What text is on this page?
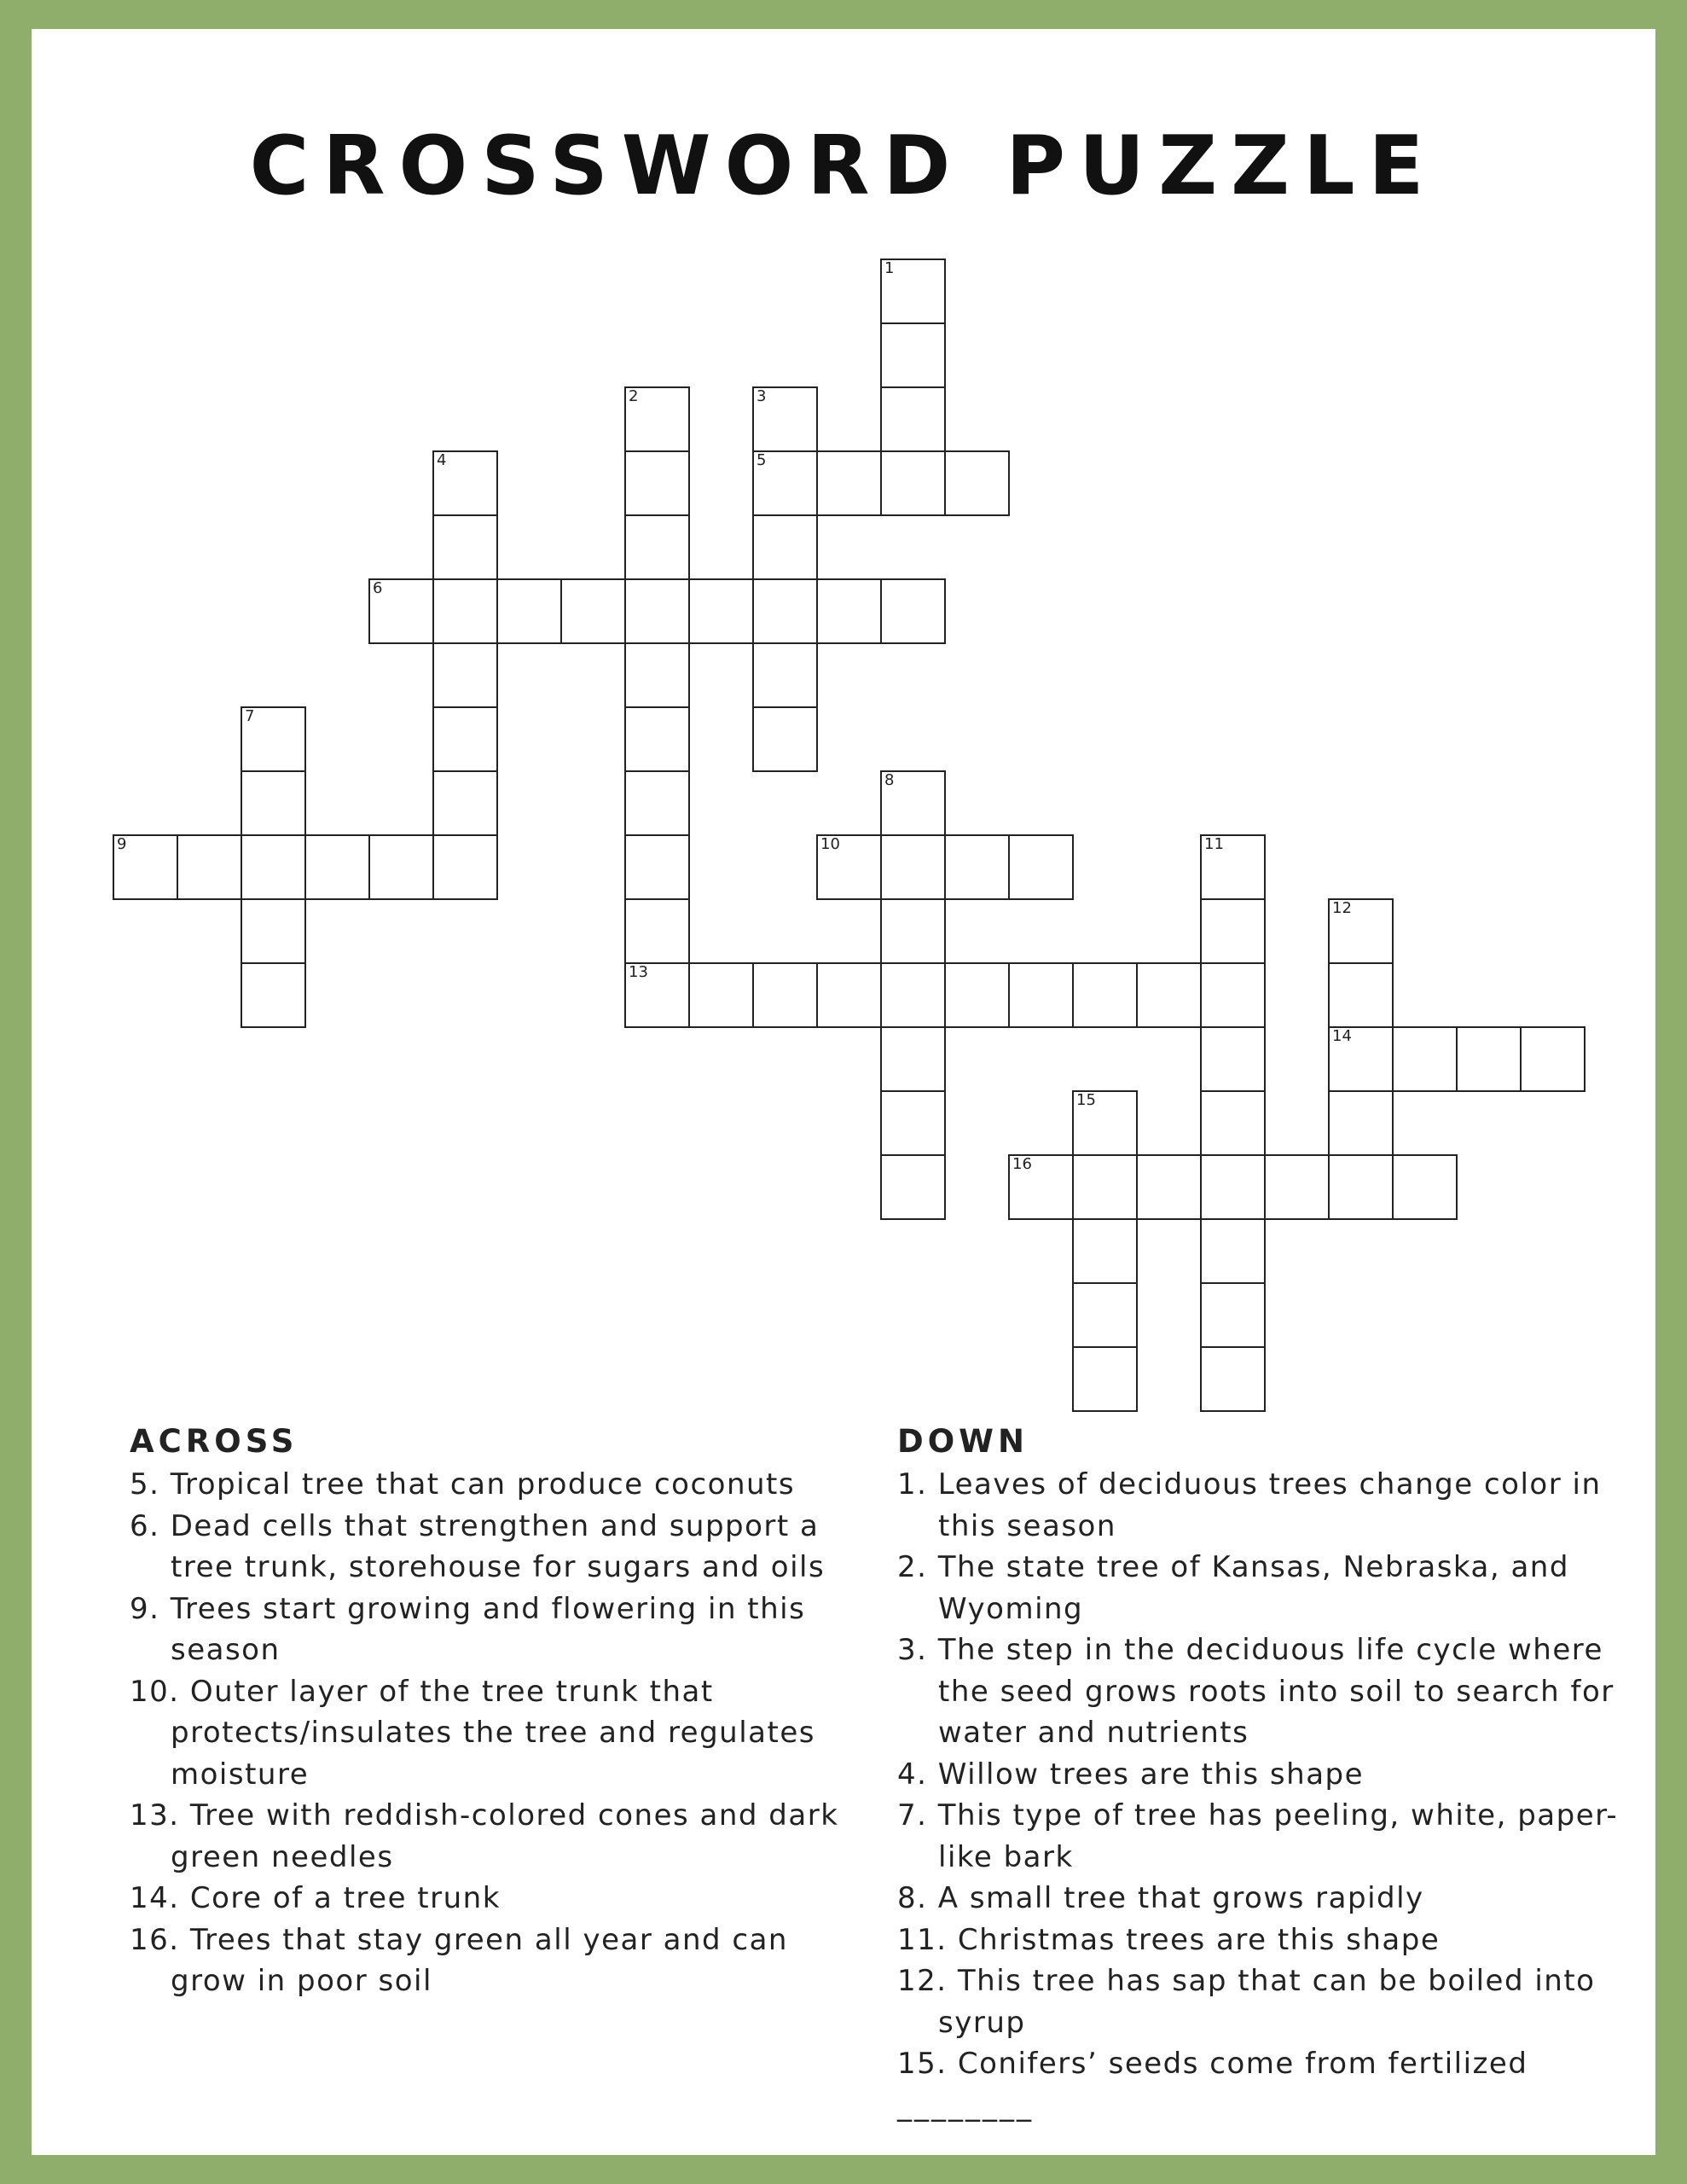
CROSSWORD PUZZLE
1
2
13
3
5
4
6
7
8
9	10	11
12
14
15
16
ACROSS

5. Tropical tree that can produce coconuts

6. Dead cells that strengthen and support a tree trunk, storehouse for sugars and oils

9. Trees start growing and flowering in this season

10. Outer layer of the tree trunk that protects/insulates the tree and regulates moisture

13. Tree with reddish-colored cones and dark green needles

14. Core of a tree trunk

16. Trees that stay green all year and can grow in poor soil

DOWN

1. Leaves of deciduous trees change color in this season

2. The state tree of Kansas, Nebraska, and Wyoming

3. The step in the deciduous life cycle where the seed grows roots into soil to search for water and nutrients

4. Willow trees are this shape

7. This type of tree has peeling, white, paper-like bark

8. A small tree that grows rapidly

11. Christmas trees are this shape

12. This tree has sap that can be boiled into syrup

15. Conifers’ seeds come from fertilized
________
